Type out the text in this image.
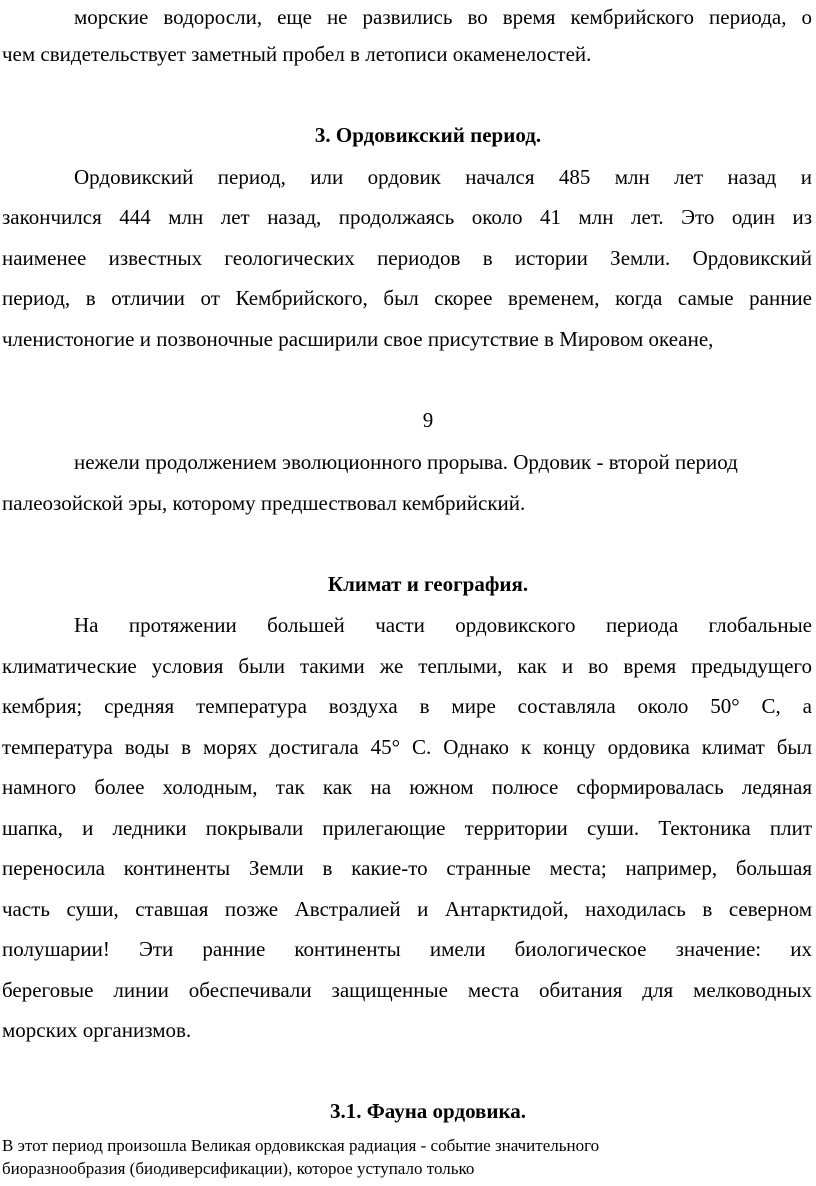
морские водоросли, еще не развились во время кембрийского периода, о
чем свидетельствует заметный пробел в летописи окаменелостей.
3. Ордовикский период.
Ордовикский период, или ордовик начался 485 млн лет назад и
закончился 444 млн лет назад, продолжаясь около 41 млн лет. Это один из
наименее известных геологических периодов в истории Земли. Ордовикский
период, в отличии от Кембрийского, был скорее временем, когда самые ранние
членистоногие и позвоночные расширили свое присутствие в Мировом океане,
9
нежели продолжением эволюционного прорыва. Ордовик - второй период
палеозойской эры, которому предшествовал кембрийский.
Климат и география.
На протяжении большей части ордовикского периода глобальные
климатические условия были такими же теплыми, как и во время предыдущего
кембрия; средняя температура воздуха в мире составляла около 50° C, а
температура воды в морях достигала 45° C. Однако к концу ордовика климат был
намного более холодным, так как на южном полюсе сформировалась ледяная
шапка, и ледники покрывали прилегающие территории суши. Тектоника плит
переносила континенты Земли в какие-то странные места; например, большая
часть суши, ставшая позже Австралией и Антарктидой, находилась в северном
полушарии! Эти ранние континенты имели биологическое значение: их
береговые линии обеспечивали защищенные места обитания для мелководных
морских организмов.
3.1. Фауна ордовика.
В этот период произошла Великая ордовикская радиация - событие значительного
биоразнообразия (биодиверсификации), которое уступало только
